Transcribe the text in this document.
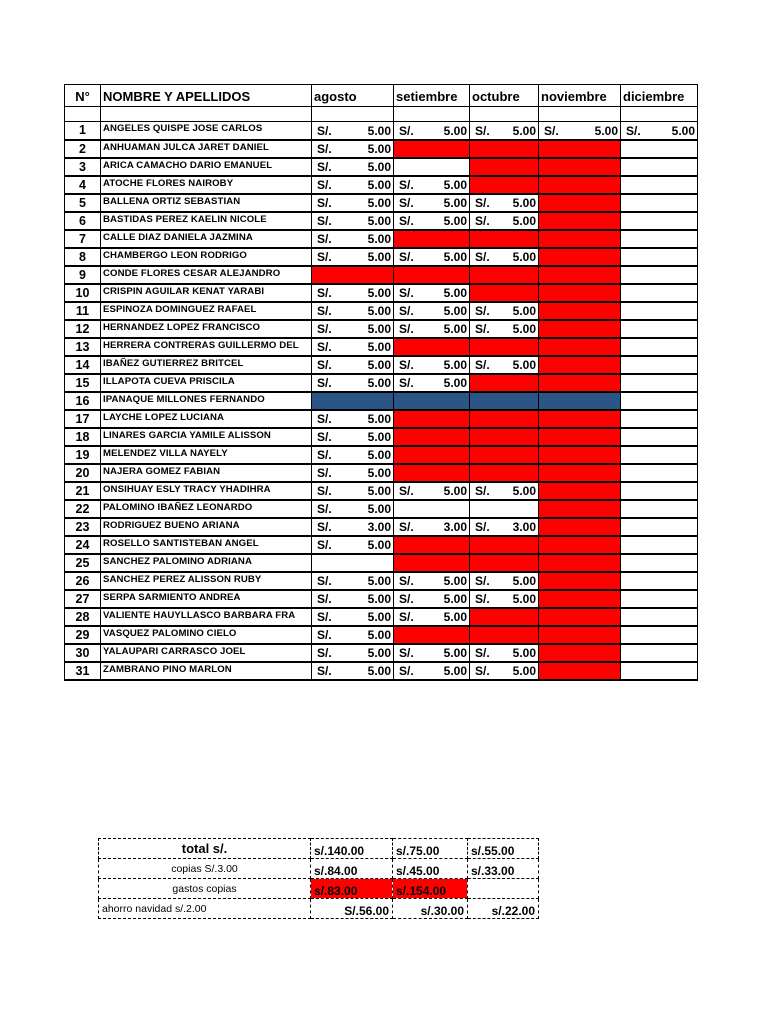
N°	NOMBRE Y APELLIDOS	agosto	setiembre	octubre	noviembre	diciembre

1	ANGELES QUISPE JOSE CARLOS	S/. 5.00	S/. 5.00	S/. 5.00	S/. 5.00	S/. 5.00

2	ANHUAMAN JULCA JARET DANIEL	S/. 5.00				

3	ARICA CAMACHO DARIO EMANUEL	S/. 5.00				

4	ATOCHE FLORES NAIROBY	S/. 5.00	S/. 5.00			

5	BALLENA ORTIZ SEBASTIAN	S/. 5.00	S/. 5.00	S/. 5.00		

6	BASTIDAS PEREZ KAELIN NICOLE	S/. 5.00	S/. 5.00	S/. 5.00		

7	CALLE DIAZ DANIELA JAZMINA	S/. 5.00				

8	CHAMBERGO LEON RODRIGO	S/. 5.00	S/. 5.00	S/. 5.00		

9	CONDE FLORES CESAR ALEJANDRO					
10	CRISPIN AGUILAR KENAT YARABI	S/. 5.00	S/. 5.00			

11	ESPINOZA DOMINGUEZ RAFAEL	S/. 5.00	S/. 5.00	S/. 5.00		

12	HERNANDEZ LOPEZ FRANCISCO	S/. 5.00	S/. 5.00	S/. 5.00		

13	HERRERA CONTRERAS GUILLERMO DEL	S/. 5.00				

14	IBAÑEZ GUTIERREZ BRITCEL	S/. 5.00	S/. 5.00	S/. 5.00		

15	ILLAPOTA CUEVA PRISCILA	S/. 5.00	S/. 5.00			

16	IPANAQUE MILLONES FERNANDO					
17	LAYCHE LOPEZ LUCIANA	S/. 5.00				

18	LINARES GARCIA YAMILE ALISSON	S/. 5.00				

19	MELENDEZ VILLA NAYELY	S/. 5.00				

20	NAJERA GOMEZ FABIAN	S/. 5.00				

21	ONSIHUAY ESLY TRACY YHADIHRA	S/. 5.00	S/. 5.00	S/. 5.00		

22	PALOMINO IBAÑEZ LEONARDO	S/. 5.00				

23	RODRIGUEZ BUENO ARIANA	S/. 3.00	S/. 3.00	S/. 3.00		

24	ROSELLO SANTISTEBAN ANGEL	S/. 5.00				

25	SANCHEZ PALOMINO ADRIANA					
26	SANCHEZ PEREZ ALISSON RUBY	S/. 5.00	S/. 5.00	S/. 5.00		

27	SERPA SARMIENTO ANDREA	S/. 5.00	S/. 5.00	S/. 5.00		

28	VALIENTE HAUYLLASCO BARBARA FRA	S/. 5.00	S/. 5.00			

29	VASQUEZ PALOMINO CIELO	S/. 5.00				

30	YALAUPARI CARRASCO JOEL	S/. 5.00	S/. 5.00	S/. 5.00		

31	ZAMBRANO PINO MARLON	S/. 5.00	S/. 5.00	S/. 5.00		

total s/.	s/.140.00	s/.75.00	s/.55.00
copias S/.3.00	s/.84.00	s/.45.00	s/.33.00
gastos copias	s/.83.00	s/.154.00	
ahorro navidad s/.2.00	S/.56.00	s/.30.00	s/.22.00
